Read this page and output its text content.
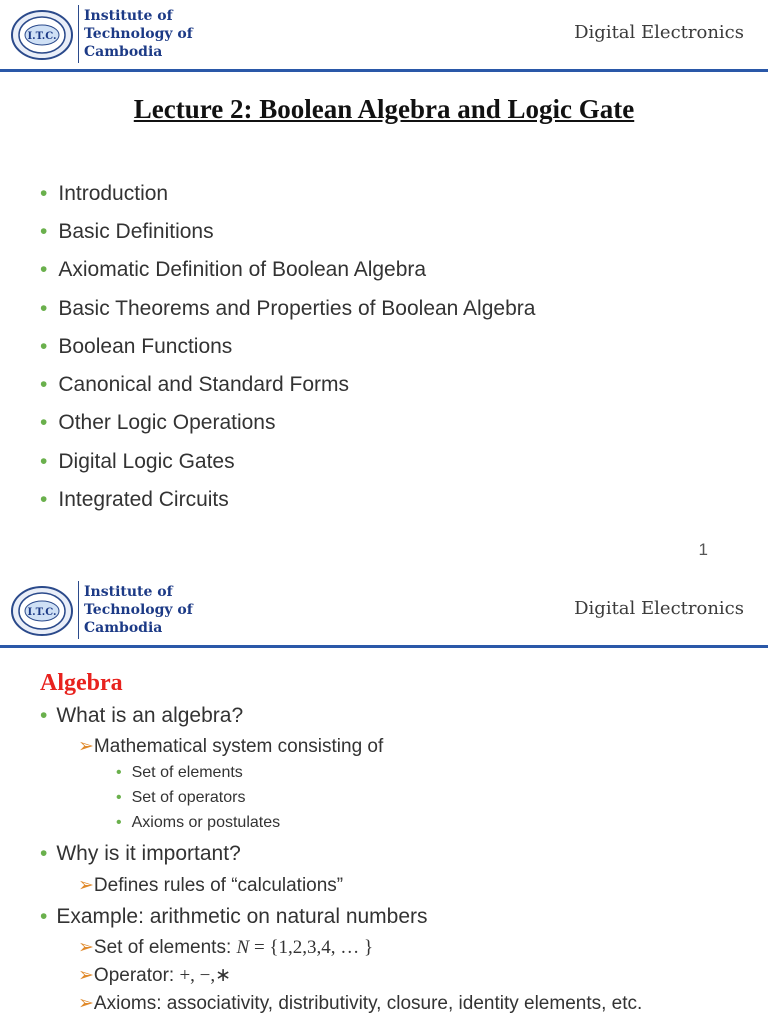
I.T.C.
Institute of
Technology of
Cambodia
Digital Electronics
Lecture 2: Boolean Algebra and Logic Gate
• Introduction
• Basic Definitions
• Axiomatic Definition of Boolean Algebra
• Basic Theorems and Properties of Boolean Algebra
• Boolean Functions
• Canonical and Standard Forms
• Other Logic Operations
• Digital Logic Gates
• Integrated Circuits
1
I.T.C.
Institute of
Technology of
Cambodia
Digital Electronics
Algebra
• What is an algebra?
➢Mathematical system consisting of
• Set of elements
• Set of operators
• Axioms or postulates
• Why is it important?
➢Defines rules of “calculations”
• Example: arithmetic on natural numbers
➢Set of elements: N = {1,2,3,4, … }
➢Operator: +, −,∗
➢Axioms: associativity, distributivity, closure, identity elements, etc.
